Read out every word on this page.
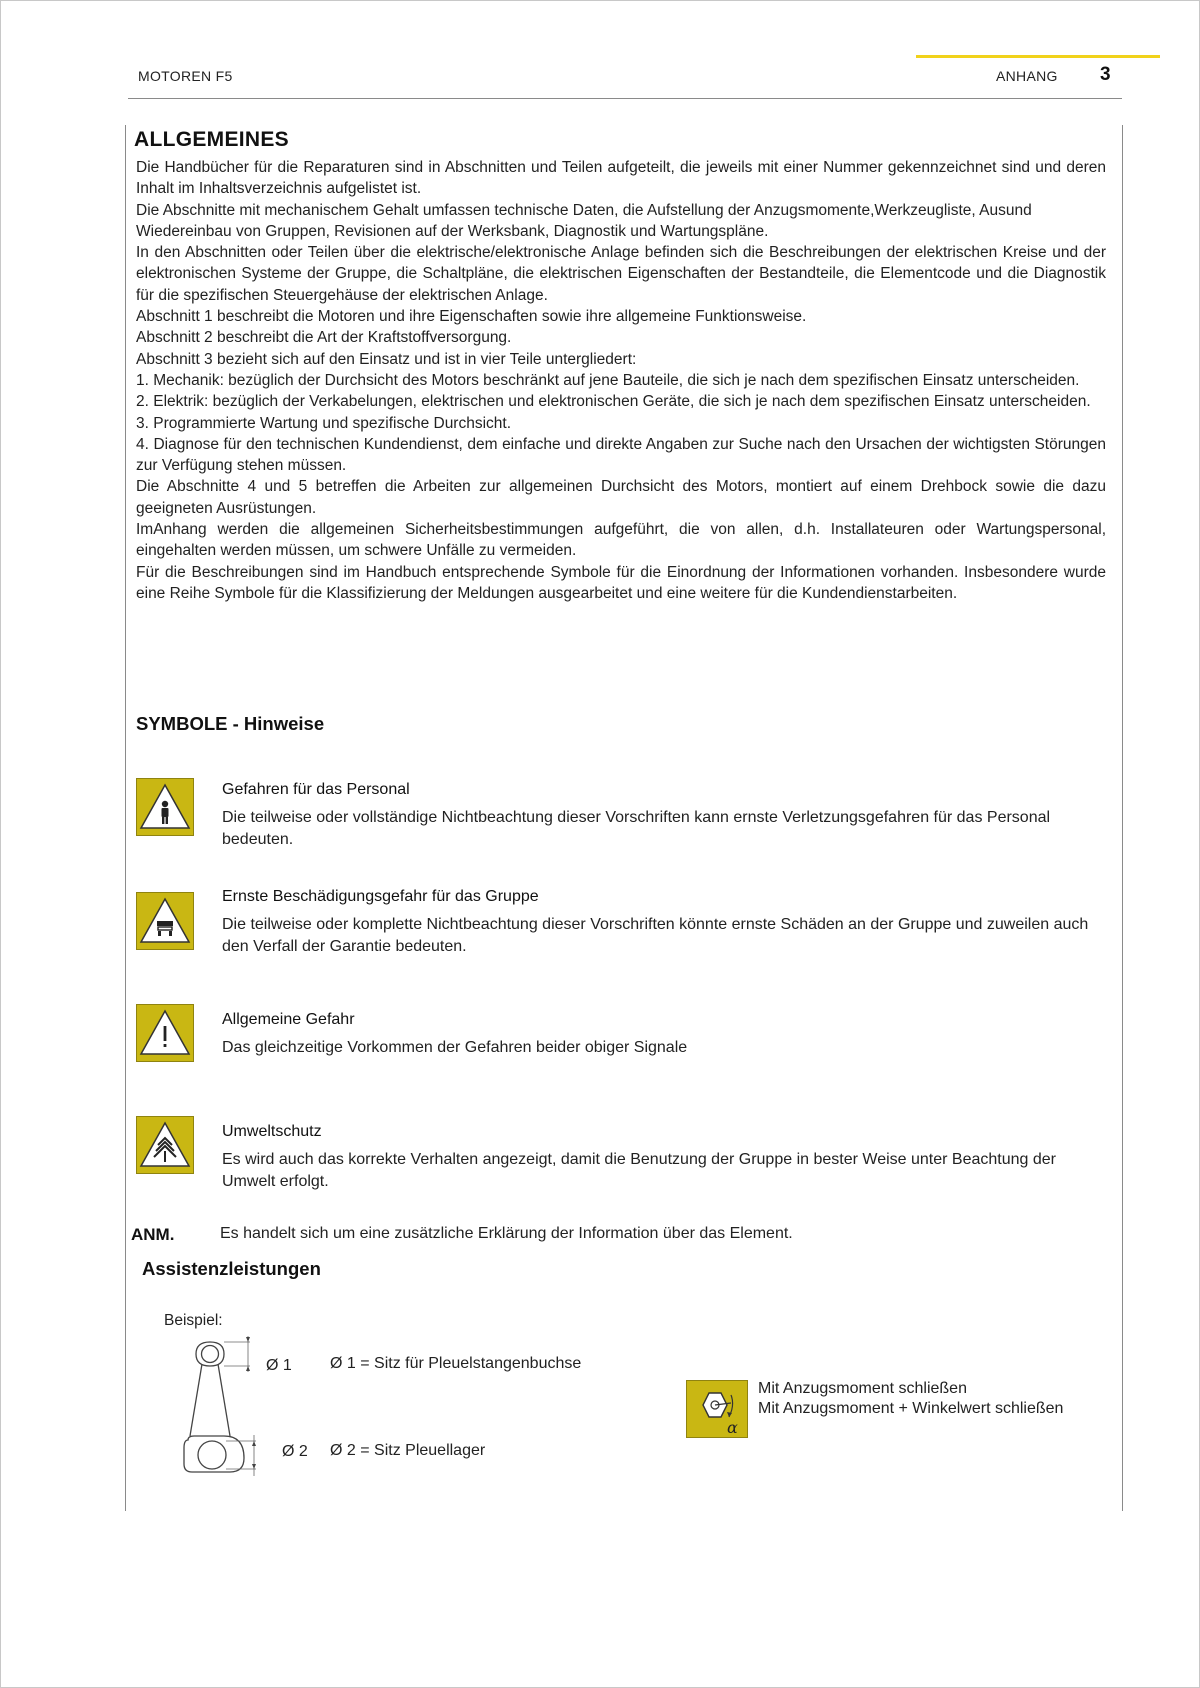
MOTOREN F5	ANHANG 3
ALLGEMEINES

Die Handbücher für die Reparaturen sind in Abschnitten und Teilen aufgeteilt, die jeweils mit einer Nummer gekennzeichnet sind und deren Inhalt im Inhaltsverzeichnis aufgelistet ist.

Die Abschnitte mit mechanischem Gehalt umfassen technische Daten, die Aufstellung der Anzugsmomente,Werkzeugliste, Ausund

Wiedereinbau von Gruppen, Revisionen auf der Werksbank, Diagnostik und Wartungspläne.

In den Abschnitten oder Teilen über die elektrische/elektronische Anlage befinden sich die Beschreibungen der elektrischen Kreise und der elektronischen Systeme der Gruppe, die Schaltpläne, die elektrischen Eigenschaften der Bestandteile, die Elementcode und die Diagnostik für die spezifischen Steuergehäuse der elektrischen Anlage.

Abschnitt 1 beschreibt die Motoren und ihre Eigenschaften sowie ihre allgemeine Funktionsweise.

Abschnitt 2 beschreibt die Art der Kraftstoffversorgung.

Abschnitt 3 bezieht sich auf den Einsatz und ist in vier Teile untergliedert:

1. Mechanik: bezüglich der Durchsicht des Motors beschränkt auf jene Bauteile, die sich je nach dem spezifischen Einsatz unterscheiden.

2. Elektrik: bezüglich der Verkabelungen, elektrischen und elektronischen Geräte, die sich je nach dem spezifischen Einsatz unterscheiden.

3. Programmierte Wartung und spezifische Durchsicht.

4. Diagnose für den technischen Kundendienst, dem einfache und direkte Angaben zur Suche nach den Ursachen der wichtigsten Störungen zur Verfügung stehen müssen.

Die Abschnitte 4 und 5 betreffen die Arbeiten zur allgemeinen Durchsicht des Motors, montiert auf einem Drehbock sowie die dazu geeigneten Ausrüstungen.

ImAnhang werden die allgemeinen Sicherheitsbestimmungen aufgeführt, die von allen, d.h. Installateuren oder Wartungspersonal, eingehalten werden müssen, um schwere Unfälle zu vermeiden.

Für die Beschreibungen sind im Handbuch entsprechende Symbole für die Einordnung der Informationen vorhanden. Insbesondere wurde eine Reihe Symbole für die Klassifizierung der Meldungen ausgearbeitet und eine weitere für die Kundendienstarbeiten.

SYMBOLE - Hinweise
Gefahren für das Personal
Die teilweise oder vollständige Nichtbeachtung dieser Vorschriften kann ernste Verletzungsgefahren für das Personal bedeuten.
Ernste Beschädigungsgefahr für das Gruppe
Die teilweise oder komplette Nichtbeachtung dieser Vorschriften könnte ernste Schäden an der Gruppe und zuweilen auch den Verfall der Garantie bedeuten.
Allgemeine Gefahr
Das gleichzeitige Vorkommen der Gefahren beider obiger Signale
Umweltschutz
Es wird auch das korrekte Verhalten angezeigt, damit die Benutzung der Gruppe in bester Weise unter Beachtung der Umwelt erfolgt.
ANM.	Es handelt sich um eine zusätzliche Erklärung der Information über das Element.
Assistenzleistungen
Beispiel:
Ø 1
Ø 2
Ø 1 = Sitz für Pleuelstangenbuchse
Ø 2 = Sitz Pleuellager
α
Mit Anzugsmoment schließen
Mit Anzugsmoment + Winkelwert schließen
